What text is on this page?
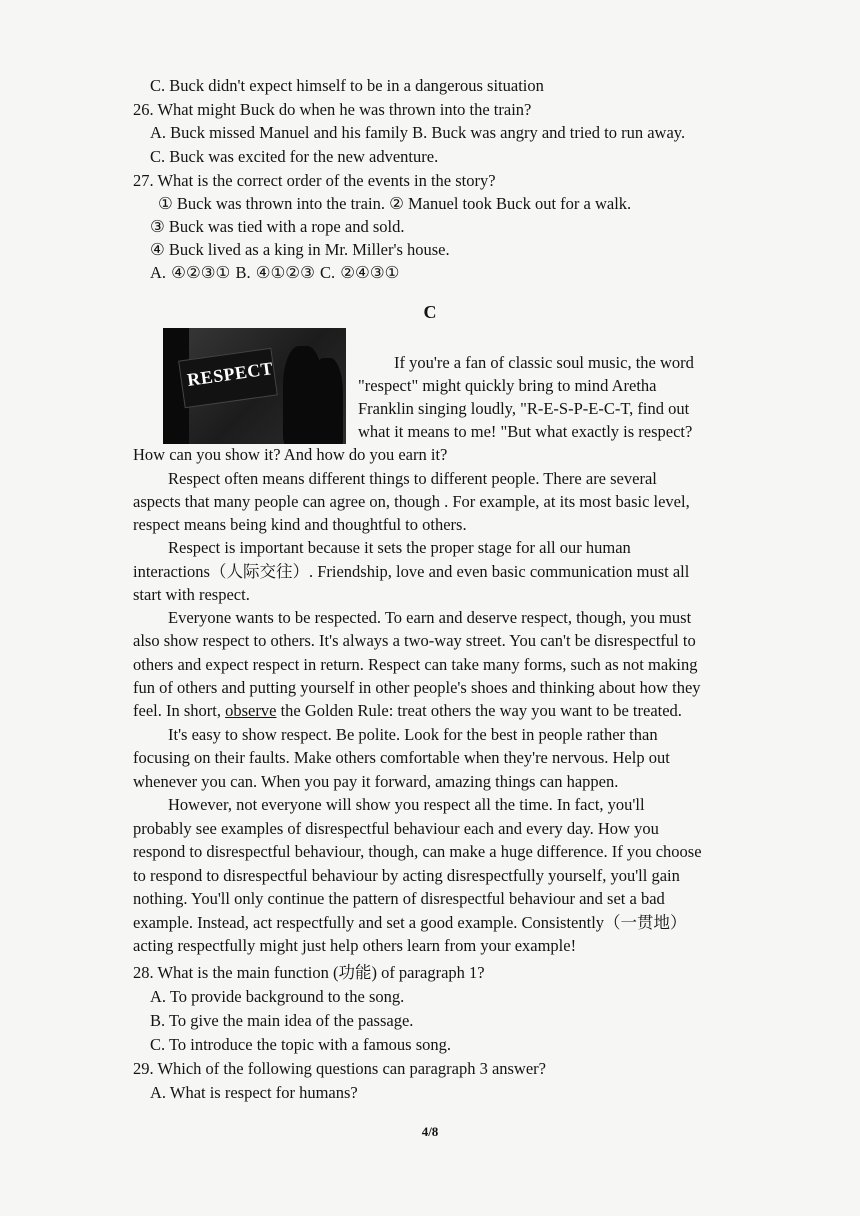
C. Buck didn't expect himself to be in a dangerous situation
26. What might Buck do when he was thrown into the train?
A. Buck missed Manuel and his family B. Buck was angry and tried to run away.
C. Buck was excited for the new adventure.
27. What is the correct order of the events in the story?
① Buck was thrown into the train. ② Manuel took Buck out for a walk.
③ Buck was tied with a rope and sold.
④ Buck lived as a king in Mr. Miller's house.
A. ④②③① B. ④①②③ C. ②④③①
C
RESPECT	If you're a fan of classic soul music, the word
"respect" might quickly bring to mind Aretha
Franklin singing loudly, "R-E-S-P-E-C-T, find out
what it means to me! "But what exactly is respect?
How can you show it? And how do you earn it?
Respect often means different things to different people. There are several
aspects that many people can agree on, though . For example, at its most basic level,
respect means being kind and thoughtful to others.
Respect is important because it sets the proper stage for all our human
interactions（人际交往）. Friendship, love and even basic communication must all
start with respect.
Everyone wants to be respected. To earn and deserve respect, though, you must
also show respect to others. It's always a two-way street. You can't be disrespectful to
others and expect respect in return. Respect can take many forms, such as not making
fun of others and putting yourself in other people's shoes and thinking about how they
feel. In short, observe the Golden Rule: treat others the way you want to be treated.
It's easy to show respect. Be polite. Look for the best in people rather than
focusing on their faults. Make others comfortable when they're nervous. Help out
whenever you can. When you pay it forward, amazing things can happen.
However, not everyone will show you respect all the time. In fact, you'll
probably see examples of disrespectful behaviour each and every day. How you
respond to disrespectful behaviour, though, can make a huge difference. If you choose
to respond to disrespectful behaviour by acting disrespectfully yourself, you'll gain
nothing. You'll only continue the pattern of disrespectful behaviour and set a bad
example. Instead, act respectfully and set a good example. Consistently（一贯地）
acting respectfully might just help others learn from your example!
28. What is the main function (功能) of paragraph 1?
A. To provide background to the song.
B. To give the main idea of the passage.
C. To introduce the topic with a famous song.
29. Which of the following questions can paragraph 3 answer?
A. What is respect for humans?
4/8
